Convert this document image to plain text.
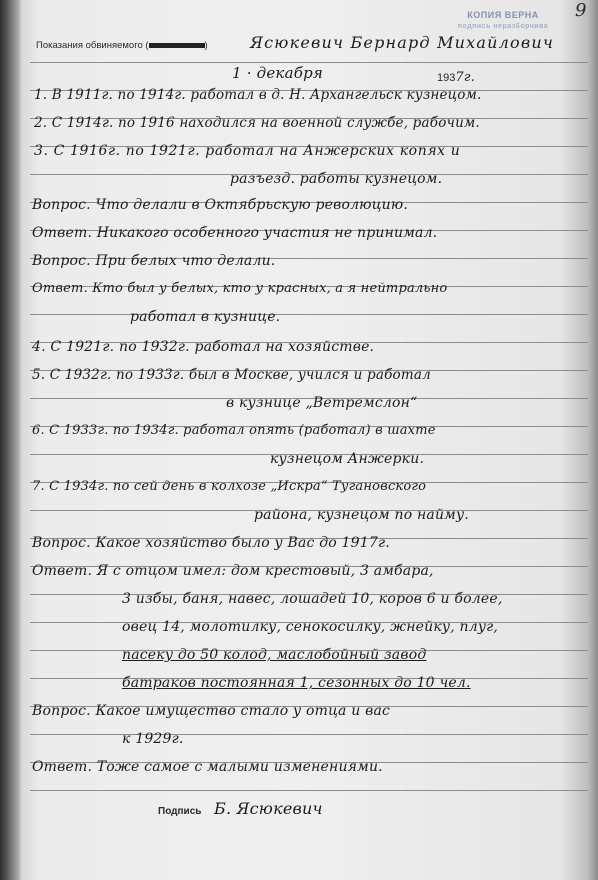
КОПИЯ ВЕРНА
подпись неразборчива
9
Показания обвиняемого (	)	Ясюкевич Бернард Михайлович
1 · декабря	1937г.
1. В 1911г. по 1914г. работал в д. Н. Архангельск кузнецом.
2. С 1914г. по 1916 находился на военной службе, рабочим.
3. С 1916г. по 1921г. работал на Анжерских копях и
разъезд. работы кузнецом.
Вопрос. Что делали в Октябрьскую революцию.
Ответ. Никакого особенного участия не принимал.
Вопрос. При белых что делали.
Ответ. Кто был у белых, кто у красных, а я нейтрально
работал в кузнице.
4. С 1921г. по 1932г. работал на хозяйстве.
5. С 1932г. по 1933г. был в Москве, учился и работал
в кузнице „Ветремслон“
6. С 1933г. по 1934г. работал опять (работал) в шахте
кузнецом Анжерки.
7. С 1934г. по сей день в колхозе „Искра“ Тугановского
района, кузнецом по найму.
Вопрос. Какое хозяйство было у Вас до 1917г.
Ответ. Я с отцом имел: дом крестовый, 3 амбара,
3 избы, баня, навес, лошадей 10, коров 6 и более,
овец 14, молотилку, сенокосилку, жнейку, плуг,
пасеку до 50 колод, маслобойный завод
батраков постоянная 1, сезонных до 10 чел.
Вопрос. Какое имущество стало у отца и вас
к 1929г.
Ответ. Тоже самое с малыми изменениями.
Подпись Б. Ясюкевич
